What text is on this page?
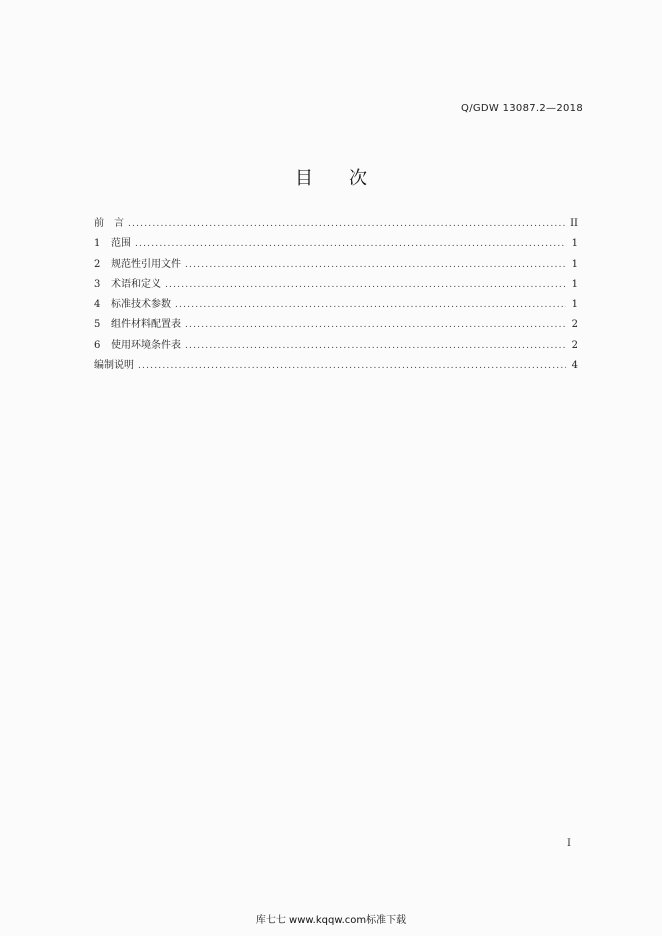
Q/GDW 13087.2—2018
目 次
前　言 .....	II
1	范围 .....	1
2	规范性引用文件 .....	1
3	术语和定义 .....	1
4	标准技术参数 .....	1
5	组件材料配置表 .....	2
6	使用环境条件表 .....	2
编制说明 .....	4
I
库七七 www.kqqw.com标准下载
